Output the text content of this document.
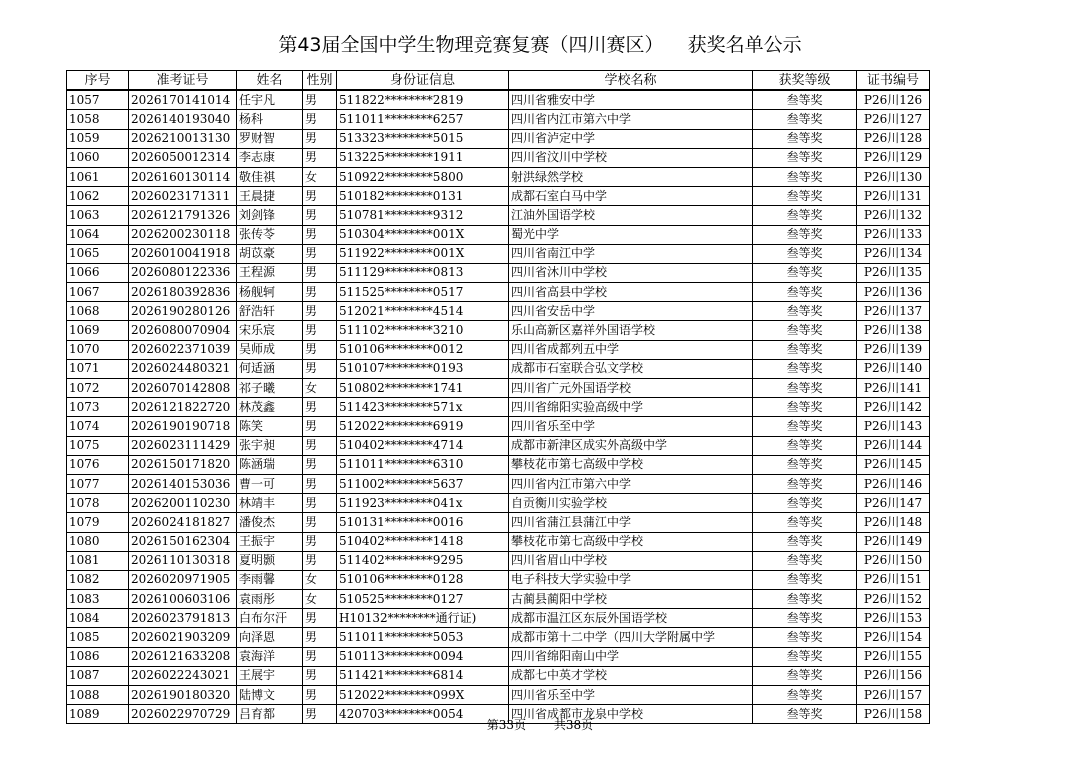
第43届全国中学生物理竞赛复赛（四川赛区）    获奖名单公示
序号	准考证号	姓名	性别	身份证信息	学校名称	获奖等级	证书编号
1057	2026170141014	任宇凡	男	511822********2819	四川省雅安中学	叁等奖	P26川126
1058	2026140193040	杨科	男	511011********6257	四川省内江市第六中学	叁等奖	P26川127
1059	2026210013130	罗财智	男	513323********5015	四川省泸定中学	叁等奖	P26川128
1060	2026050012314	李志康	男	513225********1911	四川省汶川中学校	叁等奖	P26川129
1061	2026160130114	敬佳祺	女	510922********5800	射洪绿然学校	叁等奖	P26川130
1062	2026023171311	王晨捷	男	510182********0131	成都石室白马中学	叁等奖	P26川131
1063	2026121791326	刘剑锋	男	510781********9312	江油外国语学校	叁等奖	P26川132
1064	2026200230118	张传苓	男	510304********001X	蜀光中学	叁等奖	P26川133
1065	2026010041918	胡苡豪	男	511922********001X	四川省南江中学	叁等奖	P26川134
1066	2026080122336	王程源	男	511129********0813	四川省沐川中学校	叁等奖	P26川135
1067	2026180392836	杨舰轲	男	511525********0517	四川省高县中学校	叁等奖	P26川136
1068	2026190280126	舒浩轩	男	512021********4514	四川省安岳中学	叁等奖	P26川137
1069	2026080070904	宋乐宸	男	511102********3210	乐山高新区嘉祥外国语学校	叁等奖	P26川138
1070	2026022371039	吴师成	男	510106********0012	四川省成都列五中学	叁等奖	P26川139
1071	2026024480321	何适涵	男	510107********0193	成都市石室联合弘文学校	叁等奖	P26川140
1072	2026070142808	祁子曦	女	510802********1741	四川省广元外国语学校	叁等奖	P26川141
1073	2026121822720	林茂鑫	男	511423********571x	四川省绵阳实验高级中学	叁等奖	P26川142
1074	2026190190718	陈笑	男	512022********6919	四川省乐至中学	叁等奖	P26川143
1075	2026023111429	张宇昶	男	510402********4714	成都市新津区成实外高级中学	叁等奖	P26川144
1076	2026150171820	陈涵瑞	男	511011********6310	攀枝花市第七高级中学校	叁等奖	P26川145
1077	2026140153036	曹一可	男	511002********5637	四川省内江市第六中学	叁等奖	P26川146
1078	2026200110230	林靖丰	男	511923********041x	自贡衡川实验学校	叁等奖	P26川147
1079	2026024181827	潘俊杰	男	510131********0016	四川省蒲江县蒲江中学	叁等奖	P26川148
1080	2026150162304	王振宇	男	510402********1418	攀枝花市第七高级中学校	叁等奖	P26川149
1081	2026110130318	夏明颢	男	511402********9295	四川省眉山中学校	叁等奖	P26川150
1082	2026020971905	李雨馨	女	510106********0128	电子科技大学实验中学	叁等奖	P26川151
1083	2026100603106	袁雨彤	女	510525********0127	古蔺县蔺阳中学校	叁等奖	P26川152
1084	2026023791813	白布尔汗	男	H10132********通行证)	成都市温江区东辰外国语学校	叁等奖	P26川153
1085	2026021903209	向泽恩	男	511011********5053	成都市第十二中学（四川大学附属中学	叁等奖	P26川154
1086	2026121633208	袁海洋	男	510113********0094	四川省绵阳南山中学	叁等奖	P26川155
1087	2026022243021	王展宇	男	511421********6814	成都七中英才学校	叁等奖	P26川156
1088	2026190180320	陆博文	男	512022********099X	四川省乐至中学	叁等奖	P26川157
1089	2026022970729	吕育都	男	420703********0054	四川省成都市龙泉中学校	叁等奖	P26川158
第33页 共38页
